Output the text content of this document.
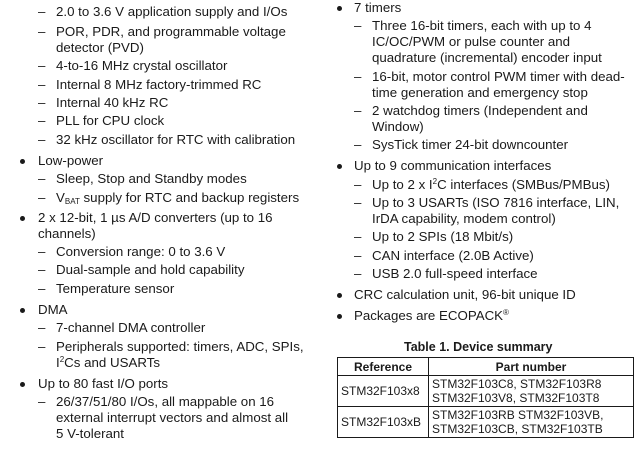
– 2.0 to 3.6 V application supply and I/Os
– POR, PDR, and programmable voltage
detector (PVD)
– 4-to-16 MHz crystal oscillator
– Internal 8 MHz factory-trimmed RC
– Internal 40 kHz RC
– PLL for CPU clock
– 32 kHz oscillator for RTC with calibration
Low-power
– Sleep, Stop and Standby modes
– $V_{BAT}$ supply for RTC and backup registers
2 x 12-bit, 1 µs A/D converters (up to 16
channels)
– Conversion range: 0 to 3.6 V
– Dual-sample and hold capability
– Temperature sensor
DMA
– 7-channel DMA controller
– Peripherals supported: timers, ADC, SPIs,
$I^2Cs$ and USARTs
Up to 80 fast I/O ports
– 26/37/51/80 I/Os, all mappable on 16
external interrupt vectors and almost all
5 V-tolerant
7 timers
– Three 16-bit timers, each with up to 4
IC/OC/PWM or pulse counter and
quadrature (incremental) encoder input
– 16-bit, motor control PWM timer with dead-
time generation and emergency stop
– 2 watchdog timers (Independent and
Window)
– SysTick timer 24-bit downcounter
Up to 9 communication interfaces
– Up to 2 x $I^2C$ interfaces (SMBus/PMBus)
– Up to 3 USARTs (ISO 7816 interface, LIN,
IrDA capability, modem control)
– Up to 2 SPIs (18 Mbit/s)
– CAN interface (2.0B Active)
– USB 2.0 full-speed interface
CRC calculation unit, 96-bit unique ID
Packages are ECOPACK®
Table 1. Device summary
Reference	Part number
STM32F103x8	STM32F103C8, STM32F103R8
STM32F103V8, STM32F103T8

STM32F103xB	STM32F103RB STM32F103VB,
STM32F103CB, STM32F103TB
